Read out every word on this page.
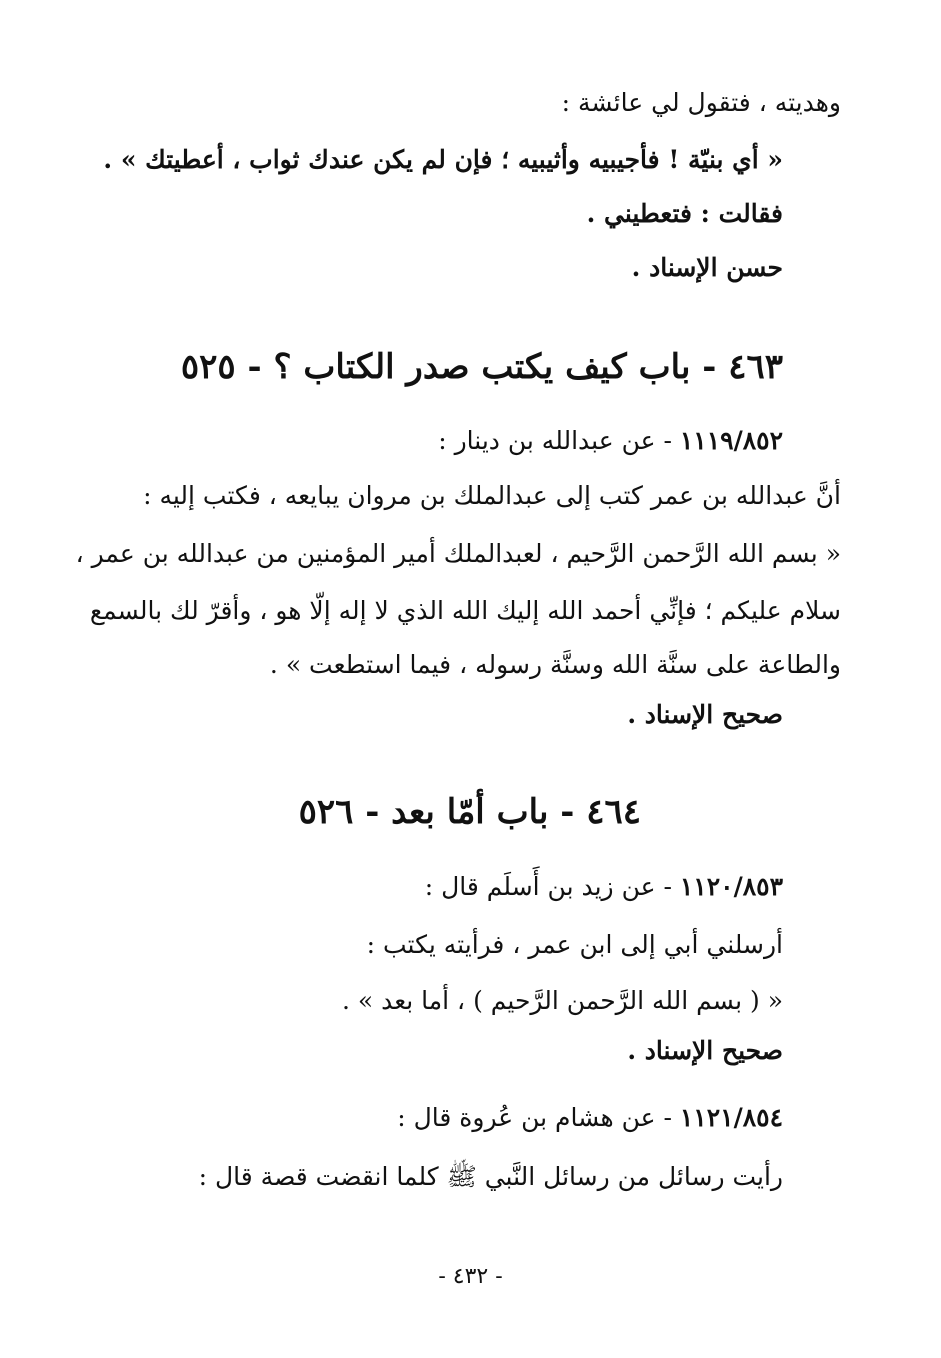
وهديته ، فتقول لي عائشة :
« أي بنيّة ! فأجيبيه وأثيبيه ؛ فإن لم يكن عندك ثواب ، أعطيتك » .
فقالت : فتعطيني .
حسن الإسناد .
٤٦٣ - باب كيف يكتب صدر الكتاب ؟ - ٥٢٥
١١١٩/٨٥٢ - عن عبدالله بن دينار :
أنَّ عبدالله بن عمر كتب إلى عبدالملك بن مروان يبايعه ، فكتب إليه :
« بسم الله الرَّحمن الرَّحيم ، لعبدالملك أمير المؤمنين من عبدالله بن عمر ،
سلام عليكم ؛ فإنِّي أحمد الله إليك الله الذي لا إله إلّا هو ، وأقرّ لك بالسمع
والطاعة على سنَّة الله وسنَّة رسوله ، فيما استطعت » .
صحيح الإسناد .
٤٦٤ - باب أمّا بعد - ٥٢٦
١١٢٠/٨٥٣ - عن زيد بن أَسلَم قال :
أرسلني أبي إلى ابن عمر ، فرأيته يكتب :
« ( بسم الله الرَّحمن الرَّحيم ) ، أما بعد » .
صحيح الإسناد .
١١٢١/٨٥٤ - عن هشام بن عُروة قال :
رأيت رسائل من رسائل النَّبي ﷺ كلما انقضت قصة قال :
- ٤٣٢ -
